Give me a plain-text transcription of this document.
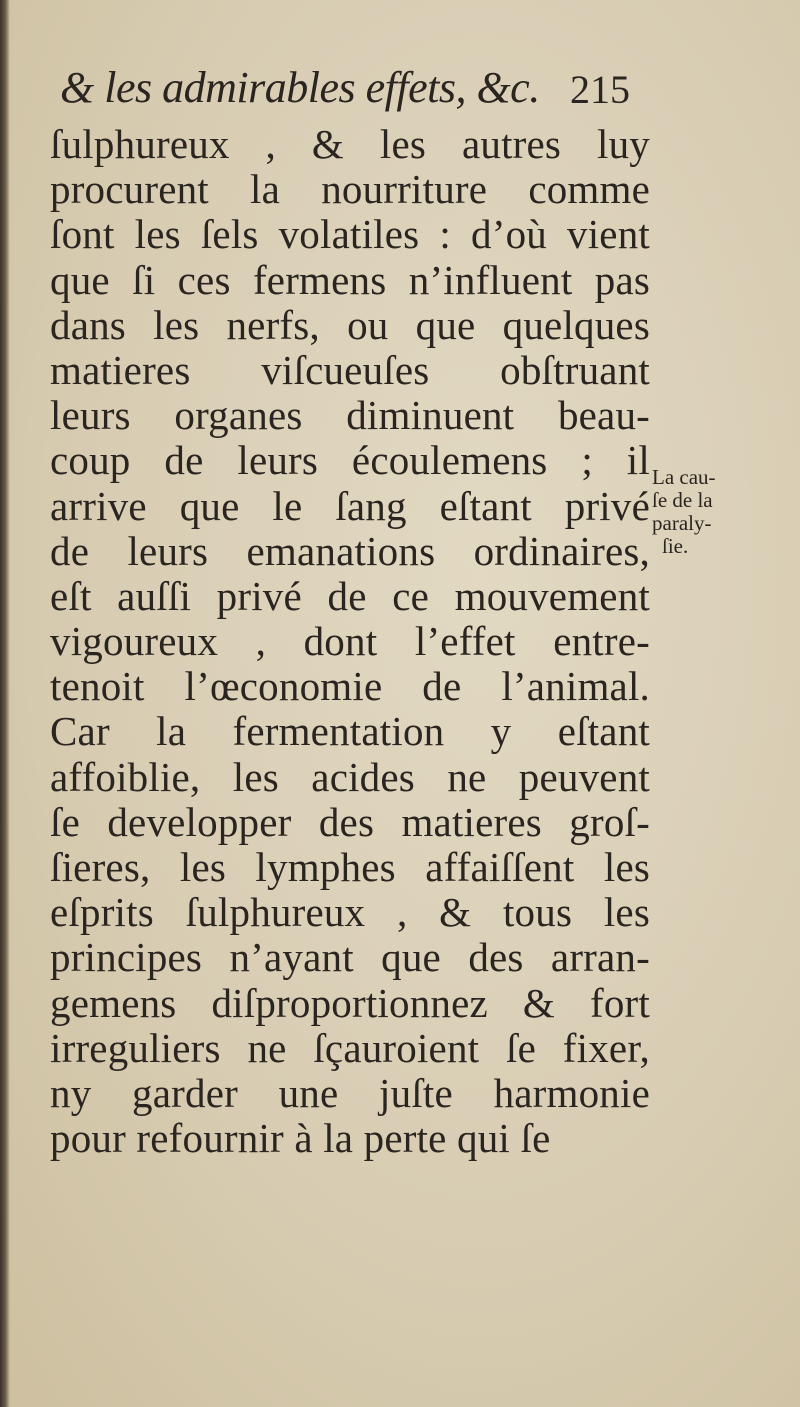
& les admirables effets, &c. 215
ſulphureux , & les autres luy
procurent la nourriture comme
ſont les ſels volatiles : d’où vient
que ſi ces fermens n’influent pas
dans les nerfs, ou que quelques
matieres viſcueuſes obſtruant
leurs organes diminuent beau-
coup de leurs écoulemens ; il
arrive que le ſang eſtant privé
de leurs emanations ordinaires,
eſt auſſi privé de ce mouvement
vigoureux , dont l’effet entre-
tenoit l’œconomie de l’animal.
Car la fermentation y eſtant
affoiblie, les acides ne peuvent
ſe developper des matieres groſ-
ſieres, les lymphes affaiſſent les
eſprits ſulphureux , & tous les
principes n’ayant que des arran-
gemens diſproportionnez & fort
irreguliers ne ſçauroient ſe fixer,
ny garder une juſte harmonie
pour refournir à la perte qui ſe
La cau-
ſe de la
paraly-
ſie.
